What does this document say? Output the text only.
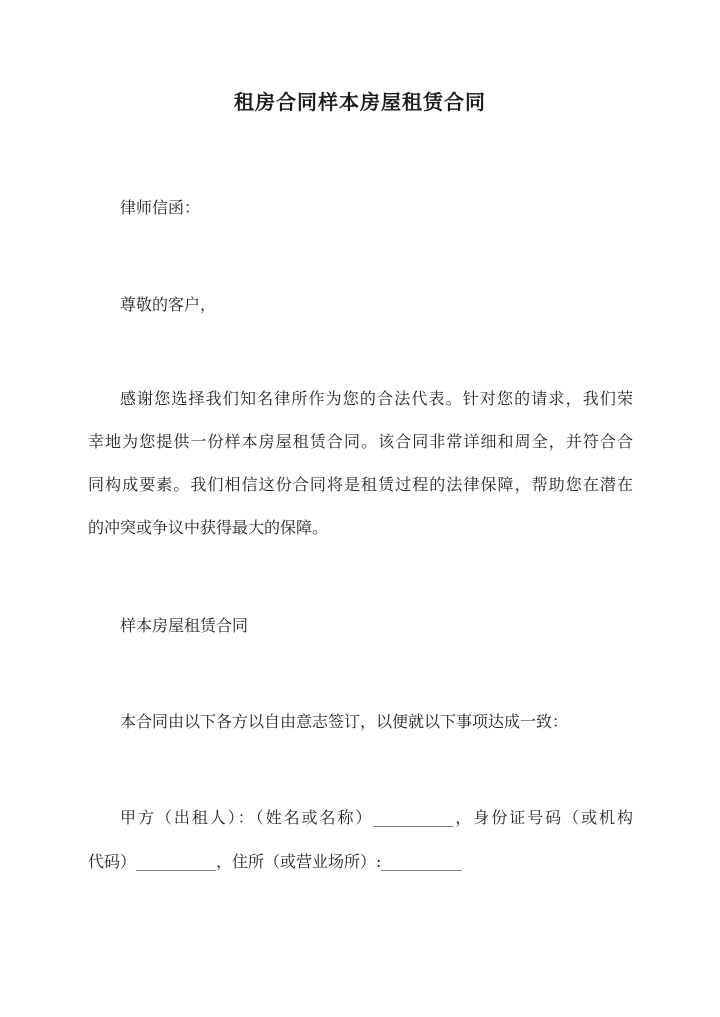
租房合同样本房屋租赁合同
律师信函：
尊敬的客户，
感谢您选择我们知名律所作为您的合法代表。针对您的请求，我们荣
幸地为您提供一份样本房屋租赁合同。该合同非常详细和周全，并符合合
同构成要素。我们相信这份合同将是租赁过程的法律保障，帮助您在潜在
的冲突或争议中获得最大的保障。
样本房屋租赁合同
本合同由以下各方以自由意志签订，以便就以下事项达成一致：
甲方（出租人）：（姓名或名称）__________，身份证号码（或机构
代码）__________，住所（或营业场所）:__________
